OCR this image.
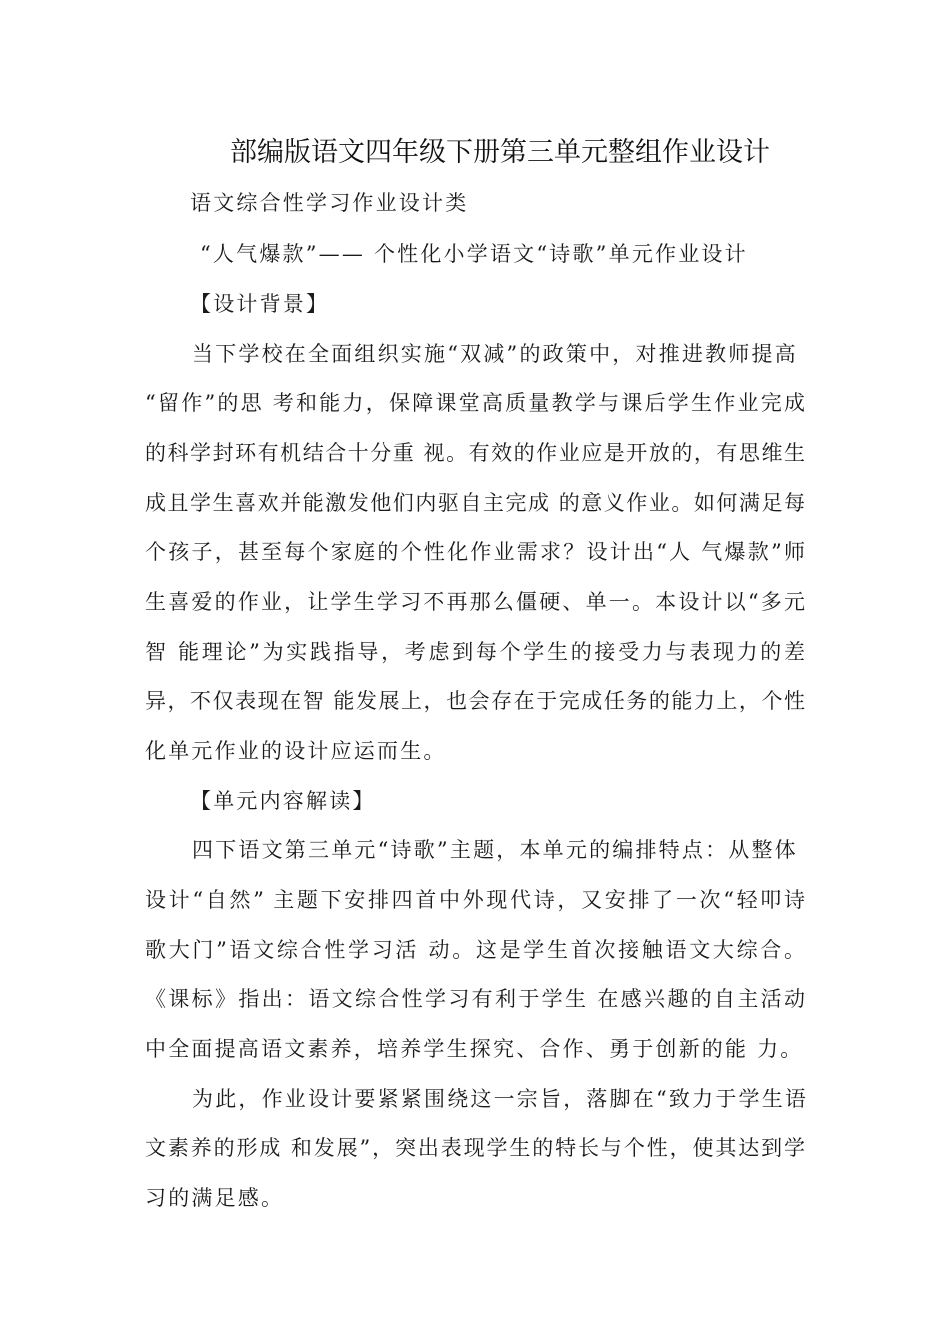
部编版语文四年级下册第三单元整组作业设计
语文综合性学习作业设计类
“人气爆款”—— 个性化小学语文“诗歌”单元作业设计
【设计背景】
当下学校在全面组织实施“双减”的政策中，对推进教师提高
“留作”的思 考和能力，保障课堂高质量教学与课后学生作业完成
的科学封环有机结合十分重 视。有效的作业应是开放的，有思维生
成且学生喜欢并能激发他们内驱自主完成 的意义作业。如何满足每
个孩子，甚至每个家庭的个性化作业需求？设计出“人 气爆款”师
生喜爱的作业，让学生学习不再那么僵硬、单一。本设计以“多元
智 能理论”为实践指导，考虑到每个学生的接受力与表现力的差
异，不仅表现在智 能发展上，也会存在于完成任务的能力上，个性
化单元作业的设计应运而生。
【单元内容解读】
四下语文第三单元“诗歌”主题，本单元的编排特点：从整体
设计“自然” 主题下安排四首中外现代诗，又安排了一次“轻叩诗
歌大门”语文综合性学习活 动。这是学生首次接触语文大综合。
《课标》指出：语文综合性学习有利于学生 在感兴趣的自主活动
中全面提高语文素养，培养学生探究、合作、勇于创新的能 力。
为此，作业设计要紧紧围绕这一宗旨，落脚在“致力于学生语
文素养的形成 和发展”，突出表现学生的特长与个性，使其达到学
习的满足感。
